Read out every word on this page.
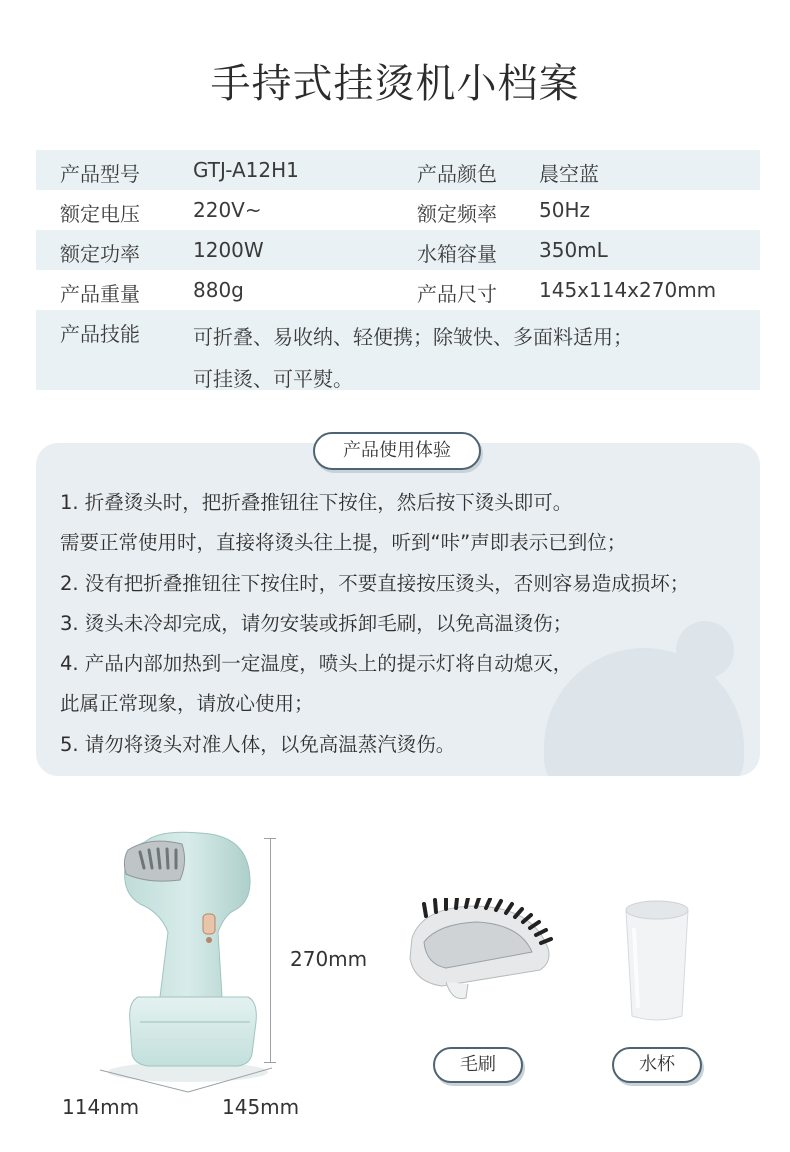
手持式挂烫机小档案
产品型号	GTJ-A12H1	产品颜色 晨空蓝
额定电压	220V~	额定频率 50Hz
额定功率	1200W	水箱容量 350mL
产品重量	880g	产品尺寸 145x114x270mm
产品技能	可折叠、易收纳、轻便携；除皱快、多面料适用；
可挂烫、可平熨。
产品使用体验
1. 折叠烫头时，把折叠推钮往下按住，然后按下烫头即可。
需要正常使用时，直接将烫头往上提，听到“咔”声即表示已到位；
2. 没有把折叠推钮往下按住时，不要直接按压烫头，否则容易造成损坏；
3. 烫头未冷却完成，请勿安装或拆卸毛刷，以免高温烫伤；
4. 产品内部加热到一定温度，喷头上的提示灯将自动熄灭，
此属正常现象，请放心使用；
5. 请勿将烫头对准人体，以免高温蒸汽烫伤。
270mm
114mm	145mm
毛刷	水杯
